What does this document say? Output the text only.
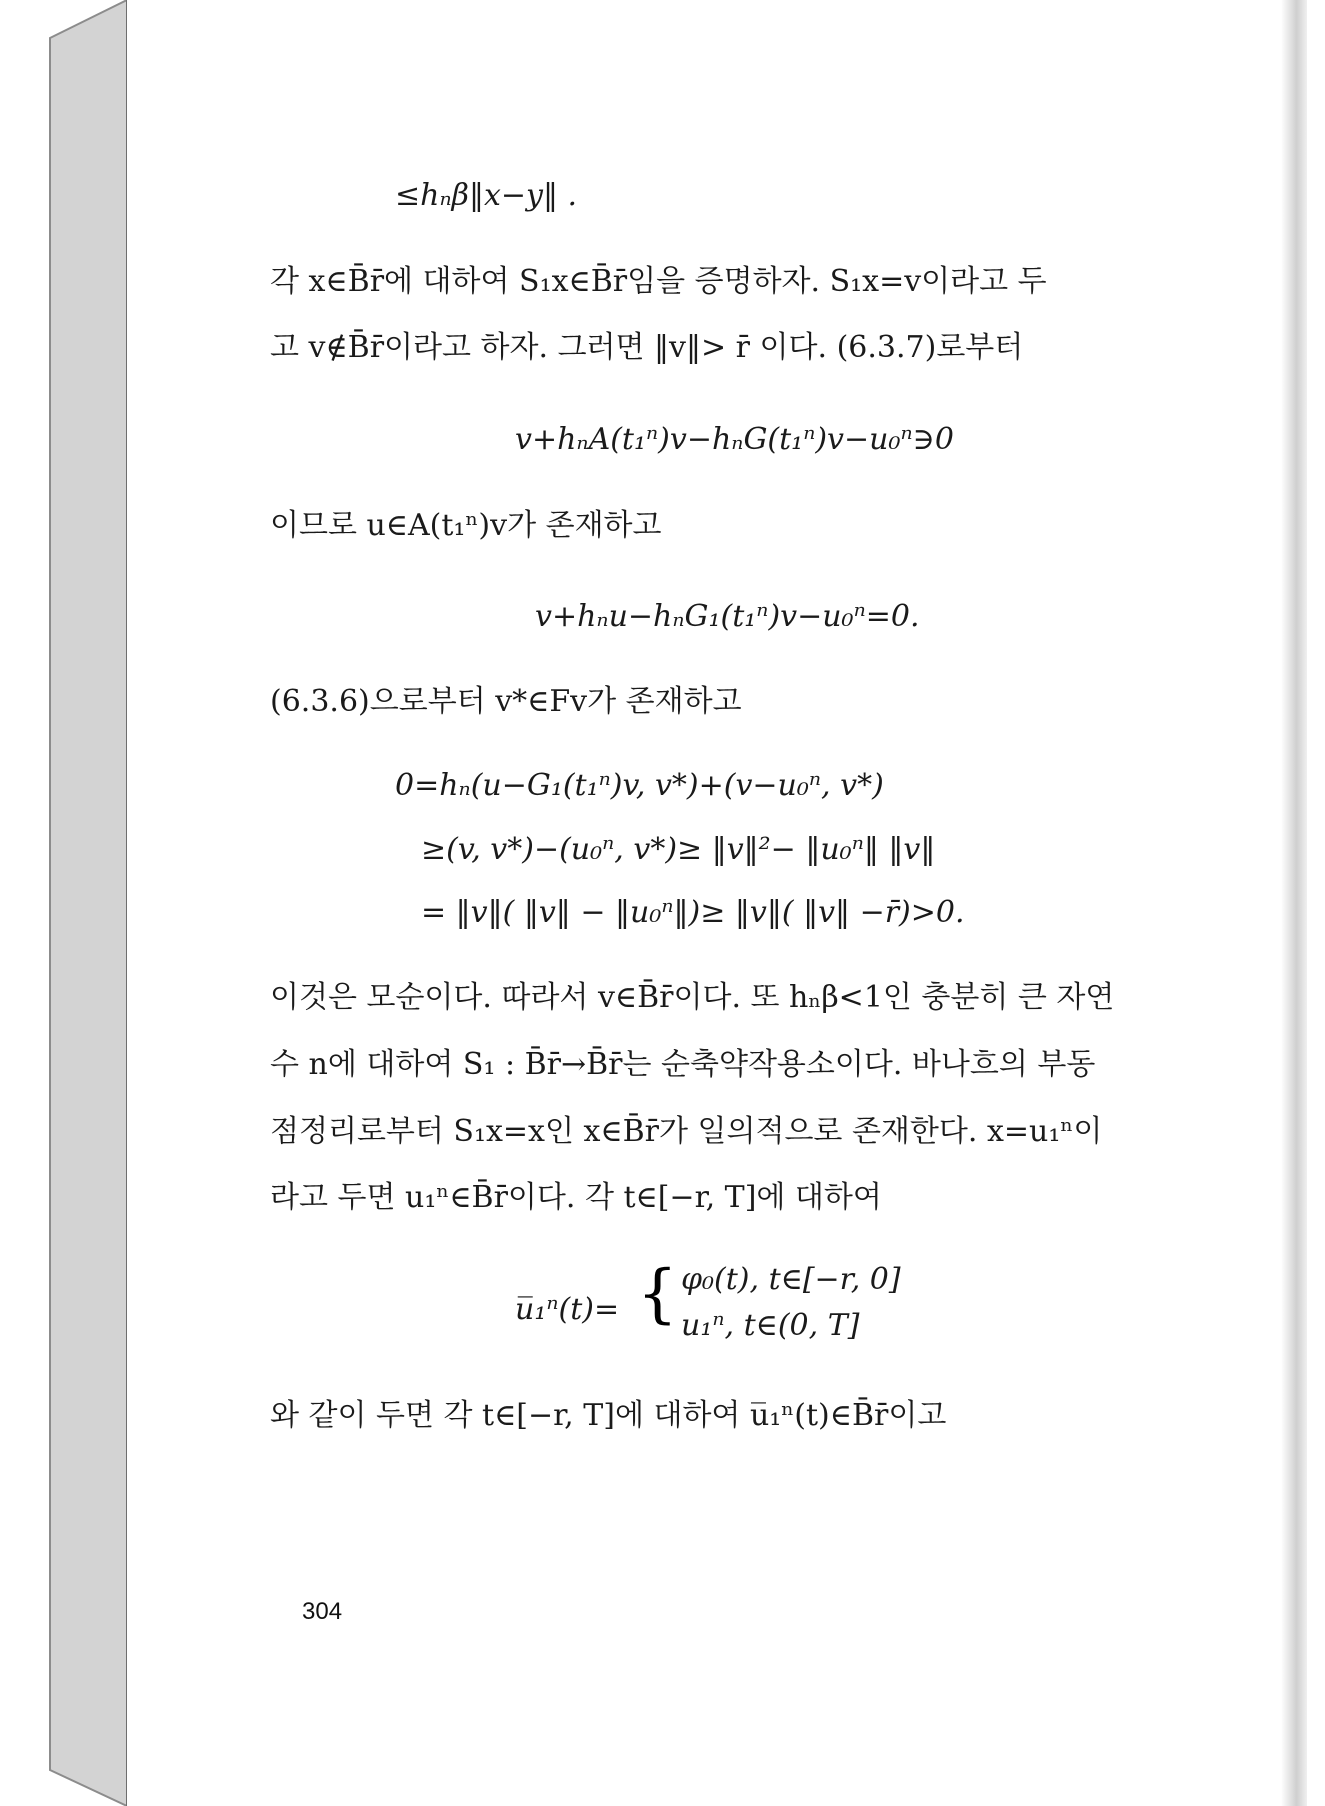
≤hₙβ‖x−y‖ .
각 x∈B̄r̄에 대하여 S₁x∈B̄r̄임을 증명하자. S₁x=v이라고 두
고 v∉B̄r̄이라고 하자. 그러면 ‖v‖> r̄ 이다. (6.3.7)로부터
v+hₙA(t₁ⁿ)v−hₙG(t₁ⁿ)v−u₀ⁿ∋0
이므로 u∈A(t₁ⁿ)v가 존재하고
v+hₙu−hₙG₁(t₁ⁿ)v−u₀ⁿ=0.
(6.3.6)으로부터 v*∈Fv가 존재하고
0=hₙ(u−G₁(t₁ⁿ)v, v*)+(v−u₀ⁿ, v*)
≥(v, v*)−(u₀ⁿ, v*)≥ ‖v‖²− ‖u₀ⁿ‖ ‖v‖
= ‖v‖( ‖v‖ − ‖u₀ⁿ‖)≥ ‖v‖( ‖v‖ −r̄)>0.
이것은 모순이다. 따라서 v∈B̄r̄이다. 또 hₙβ<1인 충분히 큰 자연
수 n에 대하여 S₁ : B̄r̄→B̄r̄는 순축약작용소이다. 바나흐의 부동
점정리로부터 S₁x=x인 x∈B̄r̄가 일의적으로 존재한다. x=u₁ⁿ이
라고 두면 u₁ⁿ∈B̄r̄이다. 각 t∈[−r, T]에 대하여
u̅₁ⁿ(t)= { φ₀(t), t∈[−r, 0]
u₁ⁿ, t∈(0, T]
와 같이 두면 각 t∈[−r, T]에 대하여 u̅₁ⁿ(t)∈B̄r̄이고
304
